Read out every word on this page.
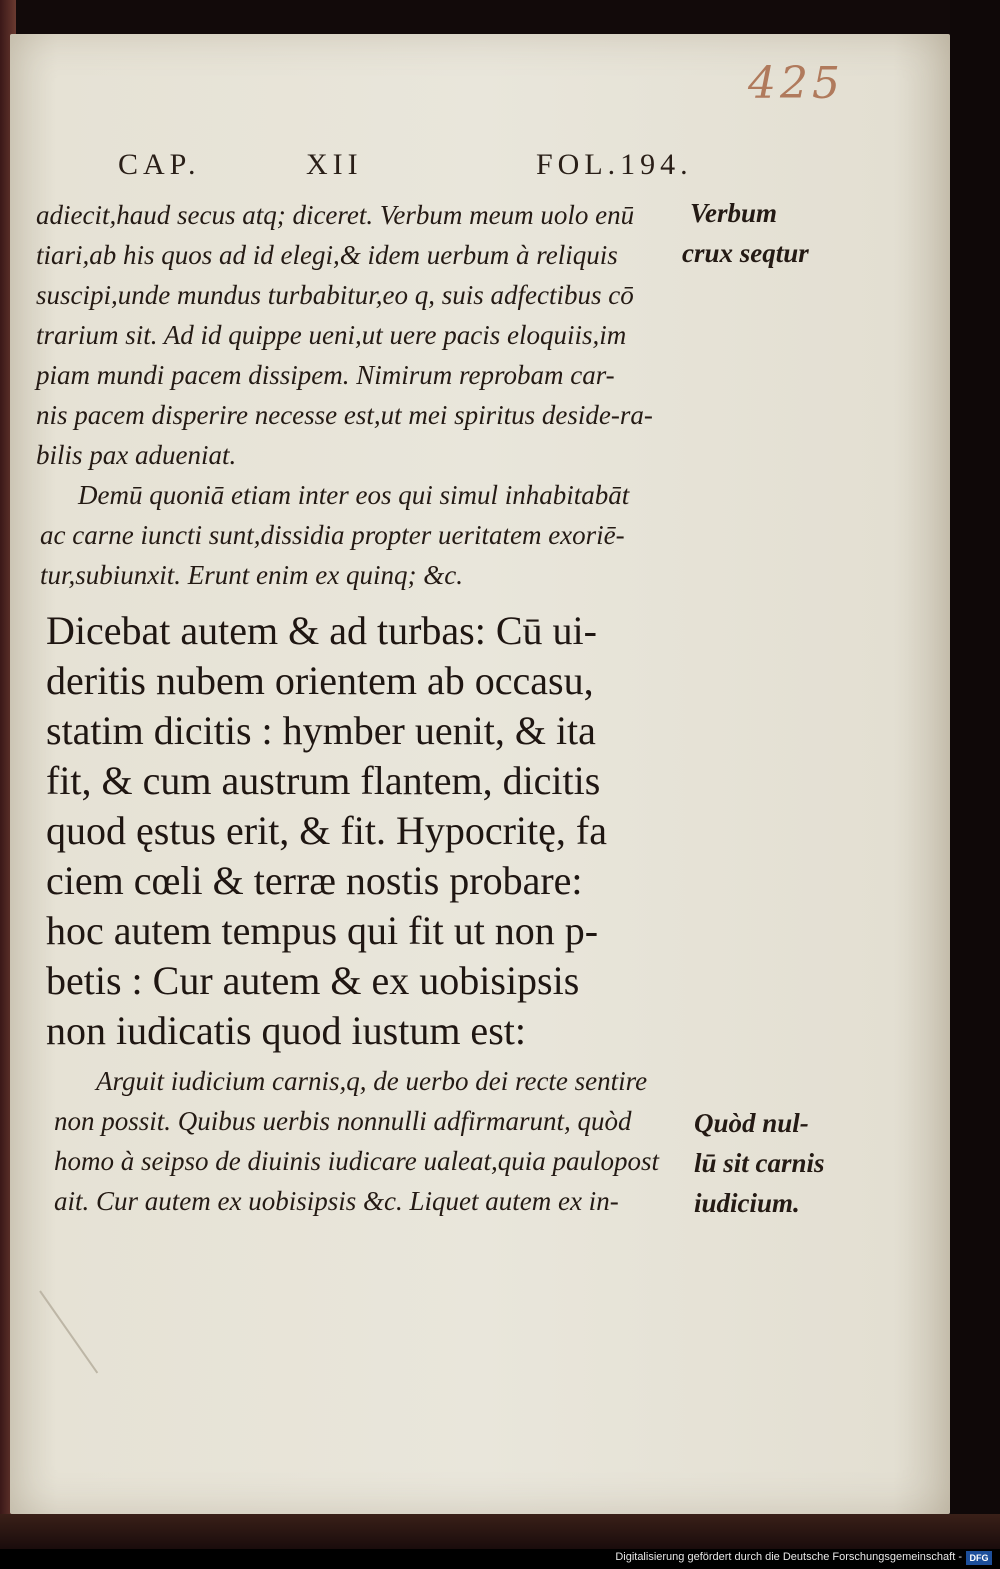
425
CAP.	XII	FOL.194.
adiecit,haud secus atq; diceret. Verbum meum uolo enū
tiari,ab his quos ad id elegi,& idem uerbum à reliquis
suscipi,unde mundus turbabitur,eo q, suis adfectibus cō
trarium sit. Ad id quippe ueni,ut uere pacis eloquiis,im
piam mundi pacem dissipem. Nimirum reprobam car-
nis pacem disperire necesse est,ut mei spiritus deside-ra-
bilis pax adueniat.
Demū quoniā etiam inter eos qui simul inhabitabāt
ac carne iuncti sunt,dissidia propter ueritatem exoriē-
tur,subiunxit. Erunt enim ex quinq; &c.
Dicebat autem & ad turbas: Cū ui-
deritis nubem orientem ab occasu,
statim dicitis : hymber uenit, & ita
fit, & cum austrum flantem, dicitis
quod ęstus erit, & fit. Hypocritę, fa
ciem cœli & terræ nostis probare:
hoc autem tempus qui fit ut non p-
betis : Cur autem & ex uobisipsis
non iudicatis quod iustum est:
Arguit iudicium carnis,q, de uerbo dei recte sentire
non possit. Quibus uerbis nonnulli adfirmarunt, quòd
homo à seipso de diuinis iudicare ualeat,quia paulopost
ait. Cur autem ex uobisipsis &c. Liquet autem ex in-
Verbum
crux seqtur
Quòd nul-
lū sit carnis
iudicium.
Digitalisierung gefördert durch die Deutsche Forschungsgemeinschaft - DFG
